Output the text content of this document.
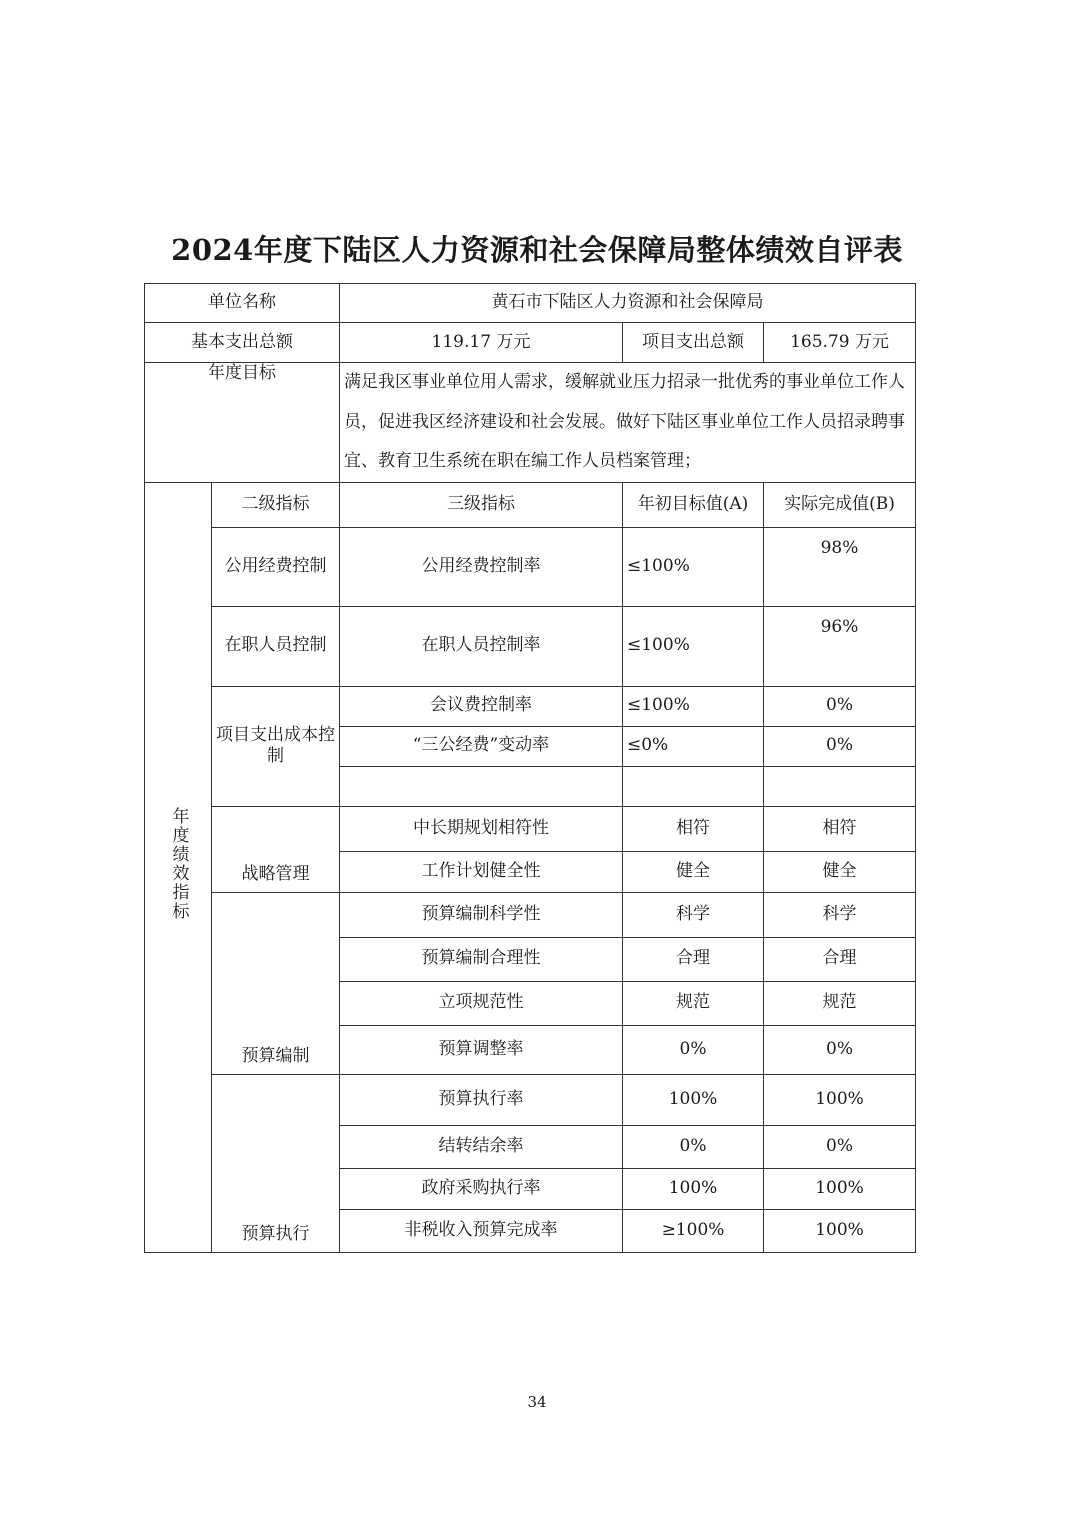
2024年度下陆区人力资源和社会保障局整体绩效自评表
单位名称		黄石市下陆区人力资源和社会保障局		
基本支出总额		119.17 万元	项目支出总额	165.79 万元
年度目标		满足我区事业单位用人需求，缓解就业压力招录一批优秀的事业单位工作人员，促进我区经济建设和社会发展。做好下陆区事业单位工作人员招录聘事宜、教育卫生系统在职在编工作人员档案管理；		
年度绩效指标	二级指标	三级指标	年初目标值(A)	实际完成值(B)
	公用经费控制	公用经费控制率	≤100%	98%
	在职人员控制	在职人员控制率	≤100%	96%
	项目支出成本控制	会议费控制率	≤100%	0%
		“三公经费”变动率	≤0%	0%

	战略管理	中长期规划相符性	相符	相符
		工作计划健全性	健全	健全
	预算编制	预算编制科学性	科学	科学
		预算编制合理性	合理	合理
		立项规范性	规范	规范
		预算调整率	0%	0%
	预算执行	预算执行率	100%	100%
		结转结余率	0%	0%
		政府采购执行率	100%	100%
		非税收入预算完成率	≥100%	100%
34
